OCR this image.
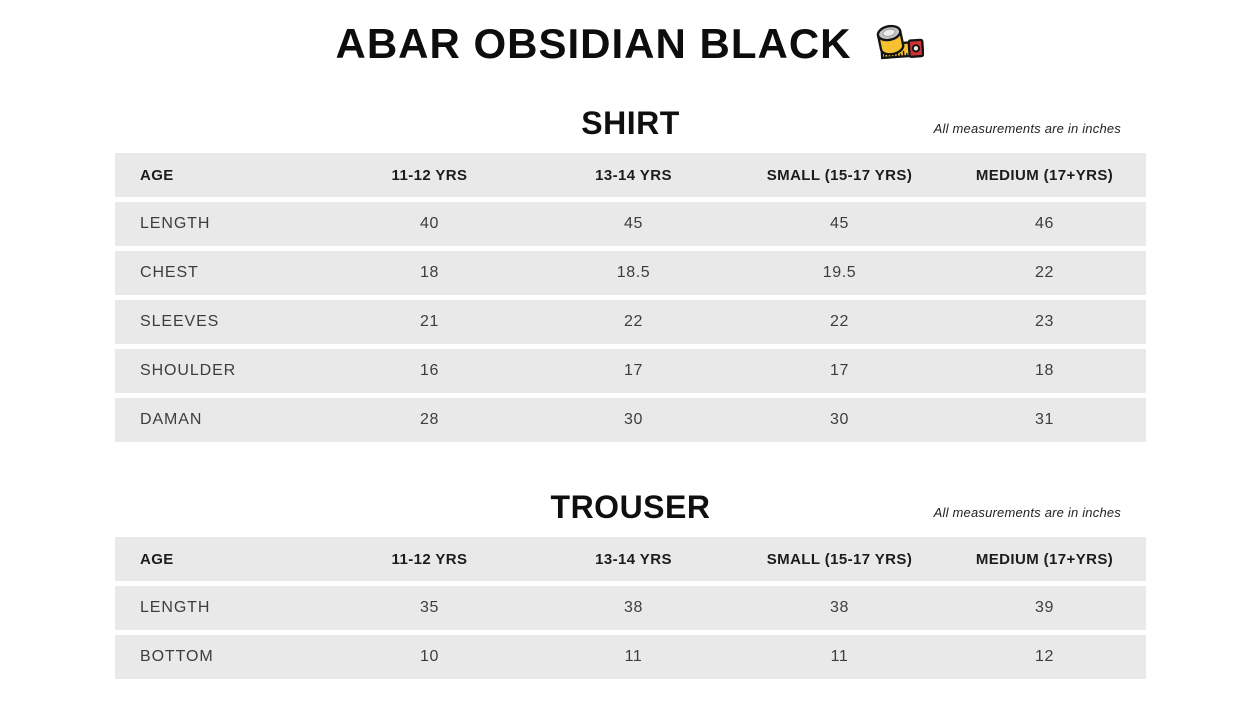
ABAR OBSIDIAN BLACK
SHIRT	All measurements are in inches
AGE	11-12 YRS	13-14 YRS	SMALL (15-17 YRS)	MEDIUM (17+YRS)
LENGTH	40	45	45	46
CHEST	18	18.5	19.5	22
SLEEVES	21	22	22	23
SHOULDER	16	17	17	18
DAMAN	28	30	30	31
TROUSER	All measurements are in inches
AGE	11-12 YRS	13-14 YRS	SMALL (15-17 YRS)	MEDIUM (17+YRS)
LENGTH	35	38	38	39
BOTTOM	10	11	11	12
